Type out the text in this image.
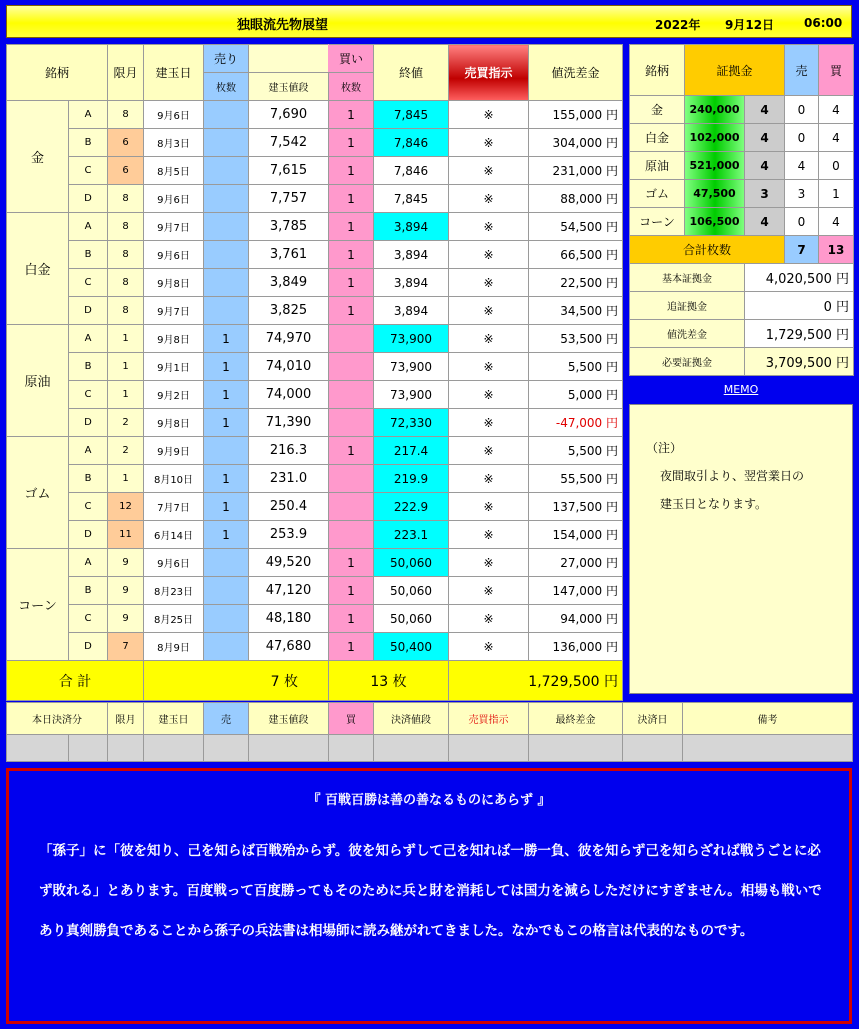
独眼流先物展望	2022年 9月12日 06:00
銘柄		限月	建玉日	売り		買い	終値	売買指示	値洗差金
				枚数	建玉値段	枚数			
金	A	8	9月6日		7,690	1	7,845	※	155,000 円
	B	6	8月3日		7,542	1	7,846	※	304,000 円
	C	6	8月5日		7,615	1	7,846	※	231,000 円
	D	8	9月6日		7,757	1	7,845	※	88,000 円
白金	A	8	9月7日		3,785	1	3,894	※	54,500 円
	B	8	9月6日		3,761	1	3,894	※	66,500 円
	C	8	9月8日		3,849	1	3,894	※	22,500 円
	D	8	9月7日		3,825	1	3,894	※	34,500 円
原油	A	1	9月8日	1	74,970		73,900	※	53,500 円
	B	1	9月1日	1	74,010		73,900	※	5,500 円
	C	1	9月2日	1	74,000		73,900	※	5,000 円
	D	2	9月8日	1	71,390		72,330	※	-47,000 円
ゴム	A	2	9月9日		216.3	1	217.4	※	5,500 円
	B	1	8月10日	1	231.0		219.9	※	55,500 円
	C	12	7月7日	1	250.4		222.9	※	137,500 円
	D	11	6月14日	1	253.9		223.1	※	154,000 円
コーン	A	9	9月6日		49,520	1	50,060	※	27,000 円
	B	9	8月23日		47,120	1	50,060	※	147,000 円
	C	9	8月25日		48,180	1	50,060	※	94,000 円
	D	7	8月9日		47,680	1	50,400	※	136,000 円
合 計			7 枚			13 枚		1,729,500 円	
銘柄	証拠金		売	買
金	240,000	4	0	4
白金	102,000	4	0	4
原油	521,000	4	4	0
ゴム	47,500	3	3	1
コーン	106,500	4	0	4
合計枚数			7	13
基本証拠金		4,020,500 円		
追証拠金		0 円		
値洗差金		1,729,500 円		
必要証拠金		3,709,500 円		
MEMO
（注）
夜間取引より、翌営業日の
建玉日となります。
本日決済分		限月	建玉日	売	建玉値段	買	決済値段	売買指示	最終差金	決済日	備考

『 百戦百勝は善の善なるものにあらず 』
「孫子」に「彼を知り、己を知らば百戦殆からず。彼を知らずして己を知れば一勝一負、彼を知らず己を知らざれば戦うごとに必ず敗れる」とあります。百度戦って百度勝ってもそのために兵と財を消耗しては国力を減らしただけにすぎません。相場も戦いであり真剣勝負であることから孫子の兵法書は相場師に読み継がれてきました。なかでもこの格言は代表的なものです。
